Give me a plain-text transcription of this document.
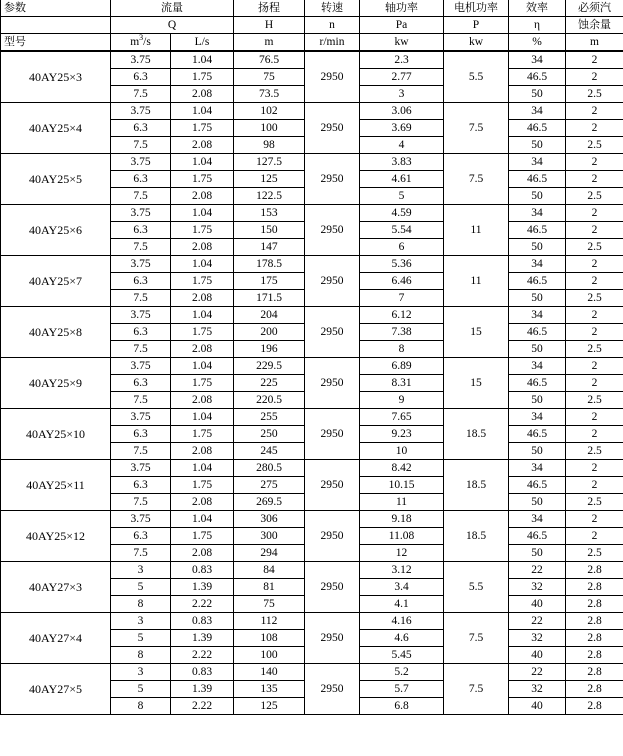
参数	流量		扬程	转速	轴功率	电机功率	效率	必须汽
	Q		H	n	Pa	P	η	蚀余量
型号	$m^3/s$	L/s	m	r/min	kw	kw	%	m
40AY25×3	3.75	1.04	76.5	2950	2.3	5.5	34	2
	6.3	1.75	75		2.77		46.5	2
	7.5	2.08	73.5		3		50	2.5
40AY25×4	3.75	1.04	102	2950	3.06	7.5	34	2
	6.3	1.75	100		3.69		46.5	2
	7.5	2.08	98		4		50	2.5
40AY25×5	3.75	1.04	127.5	2950	3.83	7.5	34	2
	6.3	1.75	125		4.61		46.5	2
	7.5	2.08	122.5		5		50	2.5
40AY25×6	3.75	1.04	153	2950	4.59	11	34	2
	6.3	1.75	150		5.54		46.5	2
	7.5	2.08	147		6		50	2.5
40AY25×7	3.75	1.04	178.5	2950	5.36	11	34	2
	6.3	1.75	175		6.46		46.5	2
	7.5	2.08	171.5		7		50	2.5
40AY25×8	3.75	1.04	204	2950	6.12	15	34	2
	6.3	1.75	200		7.38		46.5	2
	7.5	2.08	196		8		50	2.5
40AY25×9	3.75	1.04	229.5	2950	6.89	15	34	2
	6.3	1.75	225		8.31		46.5	2
	7.5	2.08	220.5		9		50	2.5
40AY25×10	3.75	1.04	255	2950	7.65	18.5	34	2
	6.3	1.75	250		9.23		46.5	2
	7.5	2.08	245		10		50	2.5
40AY25×11	3.75	1.04	280.5	2950	8.42	18.5	34	2
	6.3	1.75	275		10.15		46.5	2
	7.5	2.08	269.5		11		50	2.5
40AY25×12	3.75	1.04	306	2950	9.18	18.5	34	2
	6.3	1.75	300		11.08		46.5	2
	7.5	2.08	294		12		50	2.5
40AY27×3	3	0.83	84	2950	3.12	5.5	22	2.8
	5	1.39	81		3.4		32	2.8
	8	2.22	75		4.1		40	2.8
40AY27×4	3	0.83	112	2950	4.16	7.5	22	2.8
	5	1.39	108		4.6		32	2.8
	8	2.22	100		5.45		40	2.8
40AY27×5	3	0.83	140	2950	5.2	7.5	22	2.8
	5	1.39	135		5.7		32	2.8
	8	2.22	125		6.8		40	2.8
